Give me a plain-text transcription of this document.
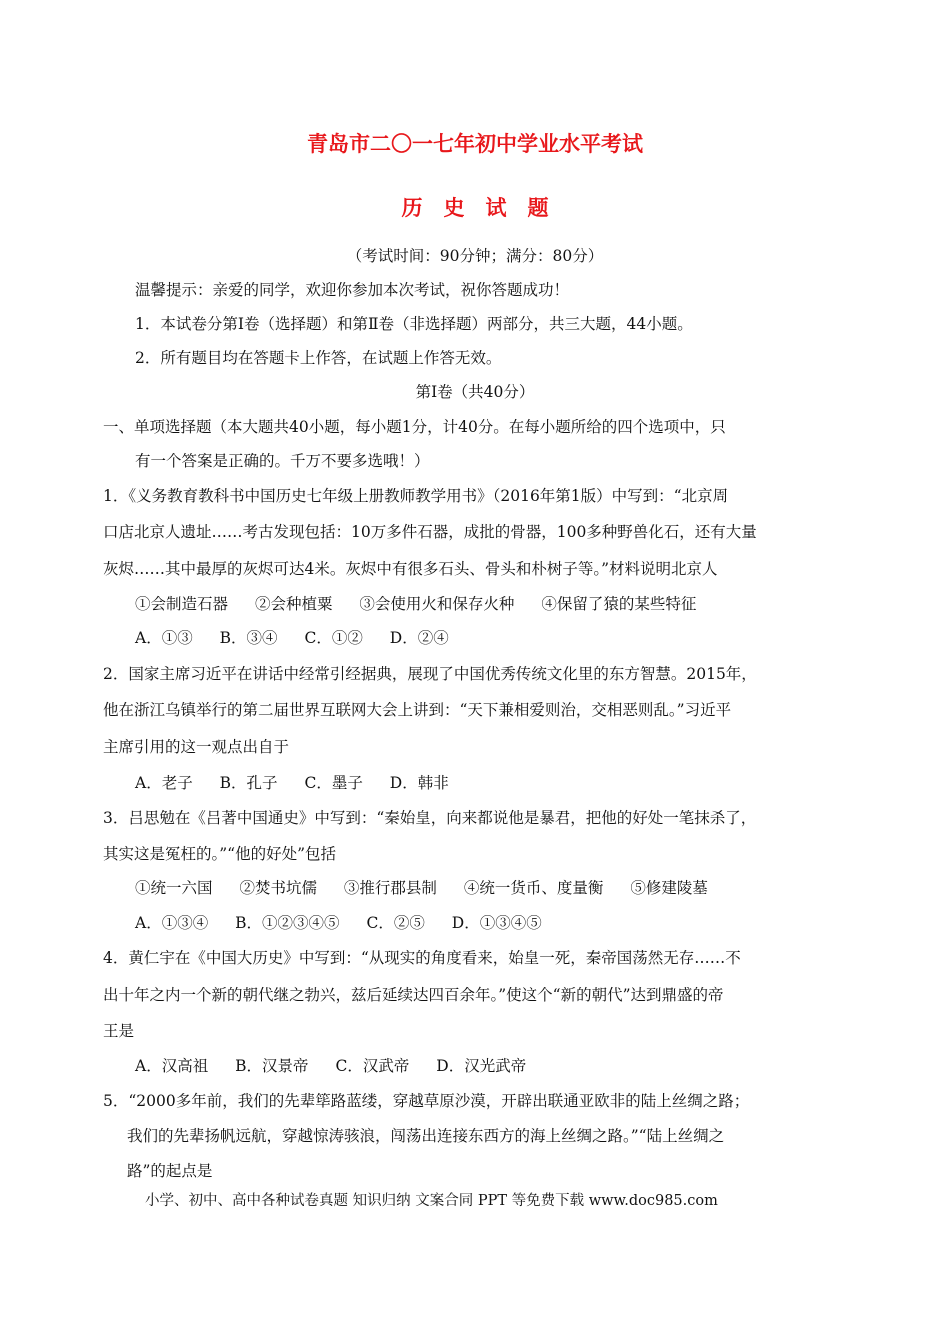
青岛市二〇一七年初中学业水平考试
历　史　试　题
（考试时间：90分钟；满分：80分）
温馨提示：亲爱的同学，欢迎你参加本次考试，祝你答题成功！
1．本试卷分第Ⅰ卷（选择题）和第Ⅱ卷（非选择题）两部分，共三大题，44小题。
2．所有题目均在答题卡上作答，在试题上作答无效。
第Ⅰ卷（共40分）
一、单项选择题（本大题共40小题，每小题1分，计40分。在每小题所给的四个选项中，只
有一个答案是正确的。千万不要多选哦！）
1．《义务教育教科书中国历史七年级上册教师教学用书》（2016年第1版）中写到：“北京周
口店北京人遗址……考古发现包括：10万多件石器，成批的骨器，100多种野兽化石，还有大量
灰烬……其中最厚的灰烬可达4米。灰烬中有很多石头、骨头和朴树子等。”材料说明北京人
①会制造石器 ②会种植粟 ③会使用火和保存火种 ④保留了猿的某些特征
A．①③ B．③④ C．①② D．②④
2．国家主席习近平在讲话中经常引经据典，展现了中国优秀传统文化里的东方智慧。2015年，
他在浙江乌镇举行的第二届世界互联网大会上讲到：“天下兼相爱则治，交相恶则乱。”习近平
主席引用的这一观点出自于
A．老子 B．孔子 C．墨子 D．韩非
3．吕思勉在《吕著中国通史》中写到：“秦始皇，向来都说他是暴君，把他的好处一笔抹杀了，
其实这是冤枉的。”“他的好处”包括
①统一六国 ②焚书坑儒 ③推行郡县制 ④统一货币、度量衡 ⑤修建陵墓
A．①③④ B．①②③④⑤ C．②⑤ D．①③④⑤
4．黄仁宇在《中国大历史》中写到：“从现实的角度看来，始皇一死，秦帝国荡然无存……不
出十年之内一个新的朝代继之勃兴，兹后延续达四百余年。”使这个“新的朝代”达到鼎盛的帝
王是
A．汉高祖 B．汉景帝 C．汉武帝 D．汉光武帝
5．“2000多年前，我们的先辈筚路蓝缕，穿越草原沙漠，开辟出联通亚欧非的陆上丝绸之路；
我们的先辈扬帆远航，穿越惊涛骇浪，闯荡出连接东西方的海上丝绸之路。”“陆上丝绸之
路”的起点是
小学、初中、高中各种试卷真题 知识归纳 文案合同 PPT 等免费下载 www.doc985.com
